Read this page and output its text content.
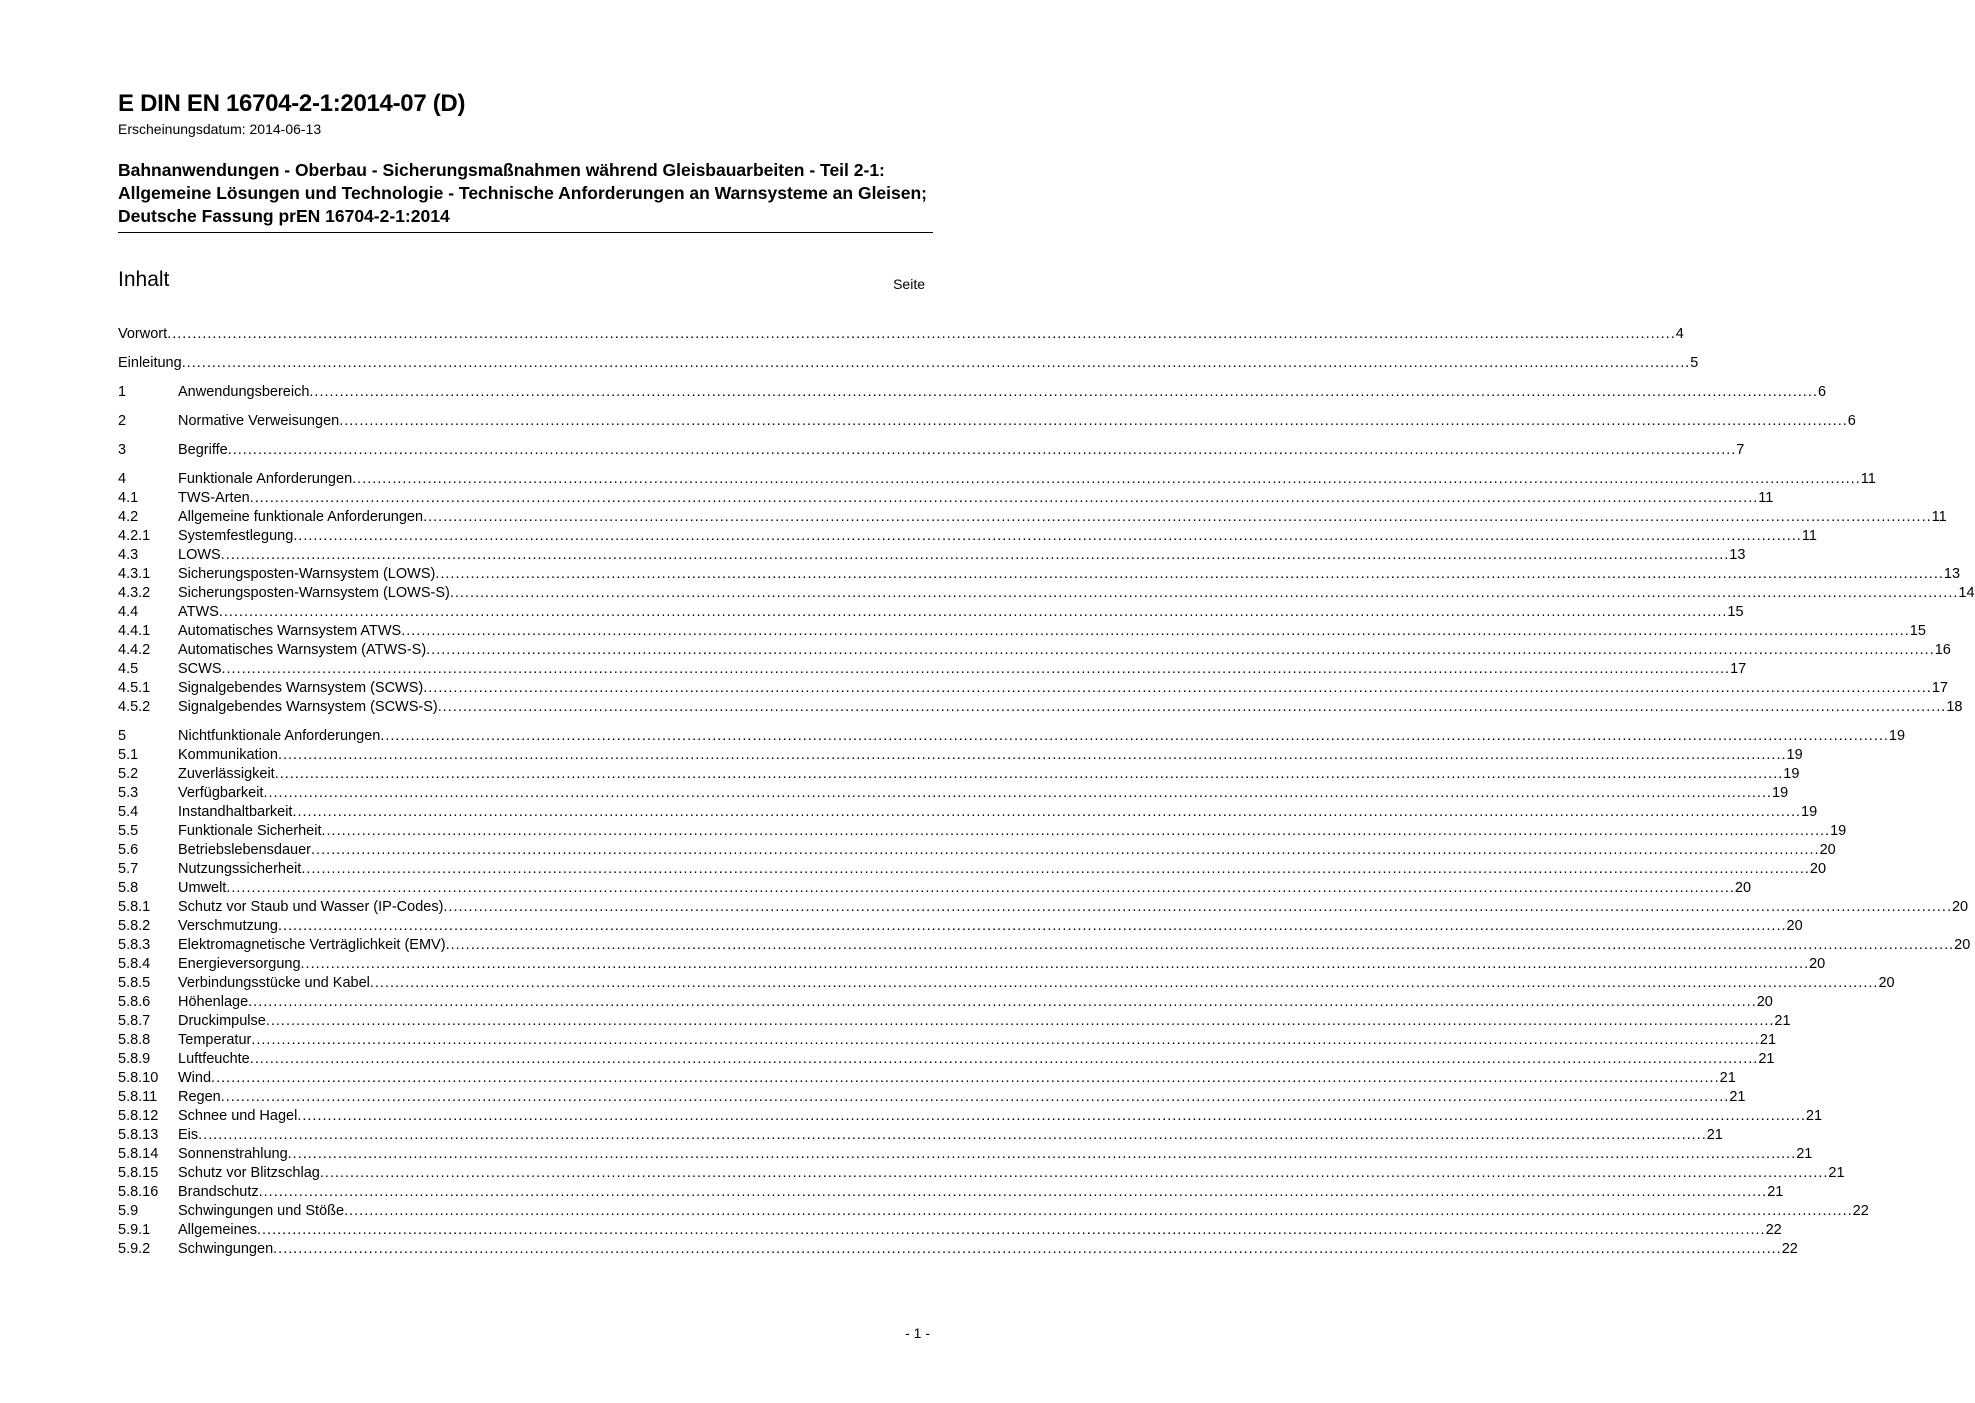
E DIN EN 16704-2-1:2014-07 (D)
Erscheinungsdatum: 2014-06-13
Bahnanwendungen - Oberbau - Sicherungsmaßnahmen während Gleisbauarbeiten - Teil 2-1: Allgemeine Lösungen und Technologie - Technische Anforderungen an Warnsysteme an Gleisen; Deutsche Fassung prEN 16704-2-1:2014
Inhalt	Seite
Vorwort ............................................................................................................................................................................................................................................................................................................ 4
Einleitung ............................................................................................................................................................................................................................................................................................................ 5
1	Anwendungsbereich ............................................................................................................................................................................................................................................................................................................ 6
2	Normative Verweisungen ............................................................................................................................................................................................................................................................................................................ 6
3	Begriffe ............................................................................................................................................................................................................................................................................................................ 7
4	Funktionale Anforderungen ............................................................................................................................................................................................................................................................................................................ 11
4.1	TWS-Arten ............................................................................................................................................................................................................................................................................................................ 11
4.2	Allgemeine funktionale Anforderungen ............................................................................................................................................................................................................................................................................................................ 11
4.2.1	Systemfestlegung ............................................................................................................................................................................................................................................................................................................ 11
4.3	LOWS ............................................................................................................................................................................................................................................................................................................ 13
4.3.1	Sicherungsposten-Warnsystem (LOWS) ............................................................................................................................................................................................................................................................................................................ 13
4.3.2	Sicherungsposten-Warnsystem (LOWS-S) ............................................................................................................................................................................................................................................................................................................ 14
4.4	ATWS ............................................................................................................................................................................................................................................................................................................ 15
4.4.1	Automatisches Warnsystem ATWS ............................................................................................................................................................................................................................................................................................................ 15
4.4.2	Automatisches Warnsystem (ATWS-S) ............................................................................................................................................................................................................................................................................................................ 16
4.5	SCWS ............................................................................................................................................................................................................................................................................................................ 17
4.5.1	Signalgebendes Warnsystem (SCWS) ............................................................................................................................................................................................................................................................................................................ 17
4.5.2	Signalgebendes Warnsystem (SCWS-S) ............................................................................................................................................................................................................................................................................................................ 18
5	Nichtfunktionale Anforderungen ............................................................................................................................................................................................................................................................................................................ 19
5.1	Kommunikation ............................................................................................................................................................................................................................................................................................................ 19
5.2	Zuverlässigkeit ............................................................................................................................................................................................................................................................................................................ 19
5.3	Verfügbarkeit ............................................................................................................................................................................................................................................................................................................ 19
5.4	Instandhaltbarkeit ............................................................................................................................................................................................................................................................................................................ 19
5.5	Funktionale Sicherheit ............................................................................................................................................................................................................................................................................................................ 19
5.6	Betriebslebensdauer ............................................................................................................................................................................................................................................................................................................ 20
5.7	Nutzungssicherheit ............................................................................................................................................................................................................................................................................................................ 20
5.8	Umwelt ............................................................................................................................................................................................................................................................................................................ 20
5.8.1	Schutz vor Staub und Wasser (IP-Codes) ............................................................................................................................................................................................................................................................................................................ 20
5.8.2	Verschmutzung ............................................................................................................................................................................................................................................................................................................ 20
5.8.3	Elektromagnetische Verträglichkeit (EMV) ............................................................................................................................................................................................................................................................................................................ 20
5.8.4	Energieversorgung ............................................................................................................................................................................................................................................................................................................ 20
5.8.5	Verbindungsstücke und Kabel ............................................................................................................................................................................................................................................................................................................ 20
5.8.6	Höhenlage ............................................................................................................................................................................................................................................................................................................ 20
5.8.7	Druckimpulse ............................................................................................................................................................................................................................................................................................................ 21
5.8.8	Temperatur ............................................................................................................................................................................................................................................................................................................ 21
5.8.9	Luftfeuchte ............................................................................................................................................................................................................................................................................................................ 21
5.8.10	Wind ............................................................................................................................................................................................................................................................................................................ 21
5.8.11	Regen ............................................................................................................................................................................................................................................................................................................ 21
5.8.12	Schnee und Hagel ............................................................................................................................................................................................................................................................................................................ 21
5.8.13	Eis ............................................................................................................................................................................................................................................................................................................ 21
5.8.14	Sonnenstrahlung ............................................................................................................................................................................................................................................................................................................ 21
5.8.15	Schutz vor Blitzschlag ............................................................................................................................................................................................................................................................................................................ 21
5.8.16	Brandschutz ............................................................................................................................................................................................................................................................................................................ 21
5.9	Schwingungen und Stöße ............................................................................................................................................................................................................................................................................................................ 22
5.9.1	Allgemeines ............................................................................................................................................................................................................................................................................................................ 22
5.9.2	Schwingungen ............................................................................................................................................................................................................................................................................................................ 22
- 1 -
